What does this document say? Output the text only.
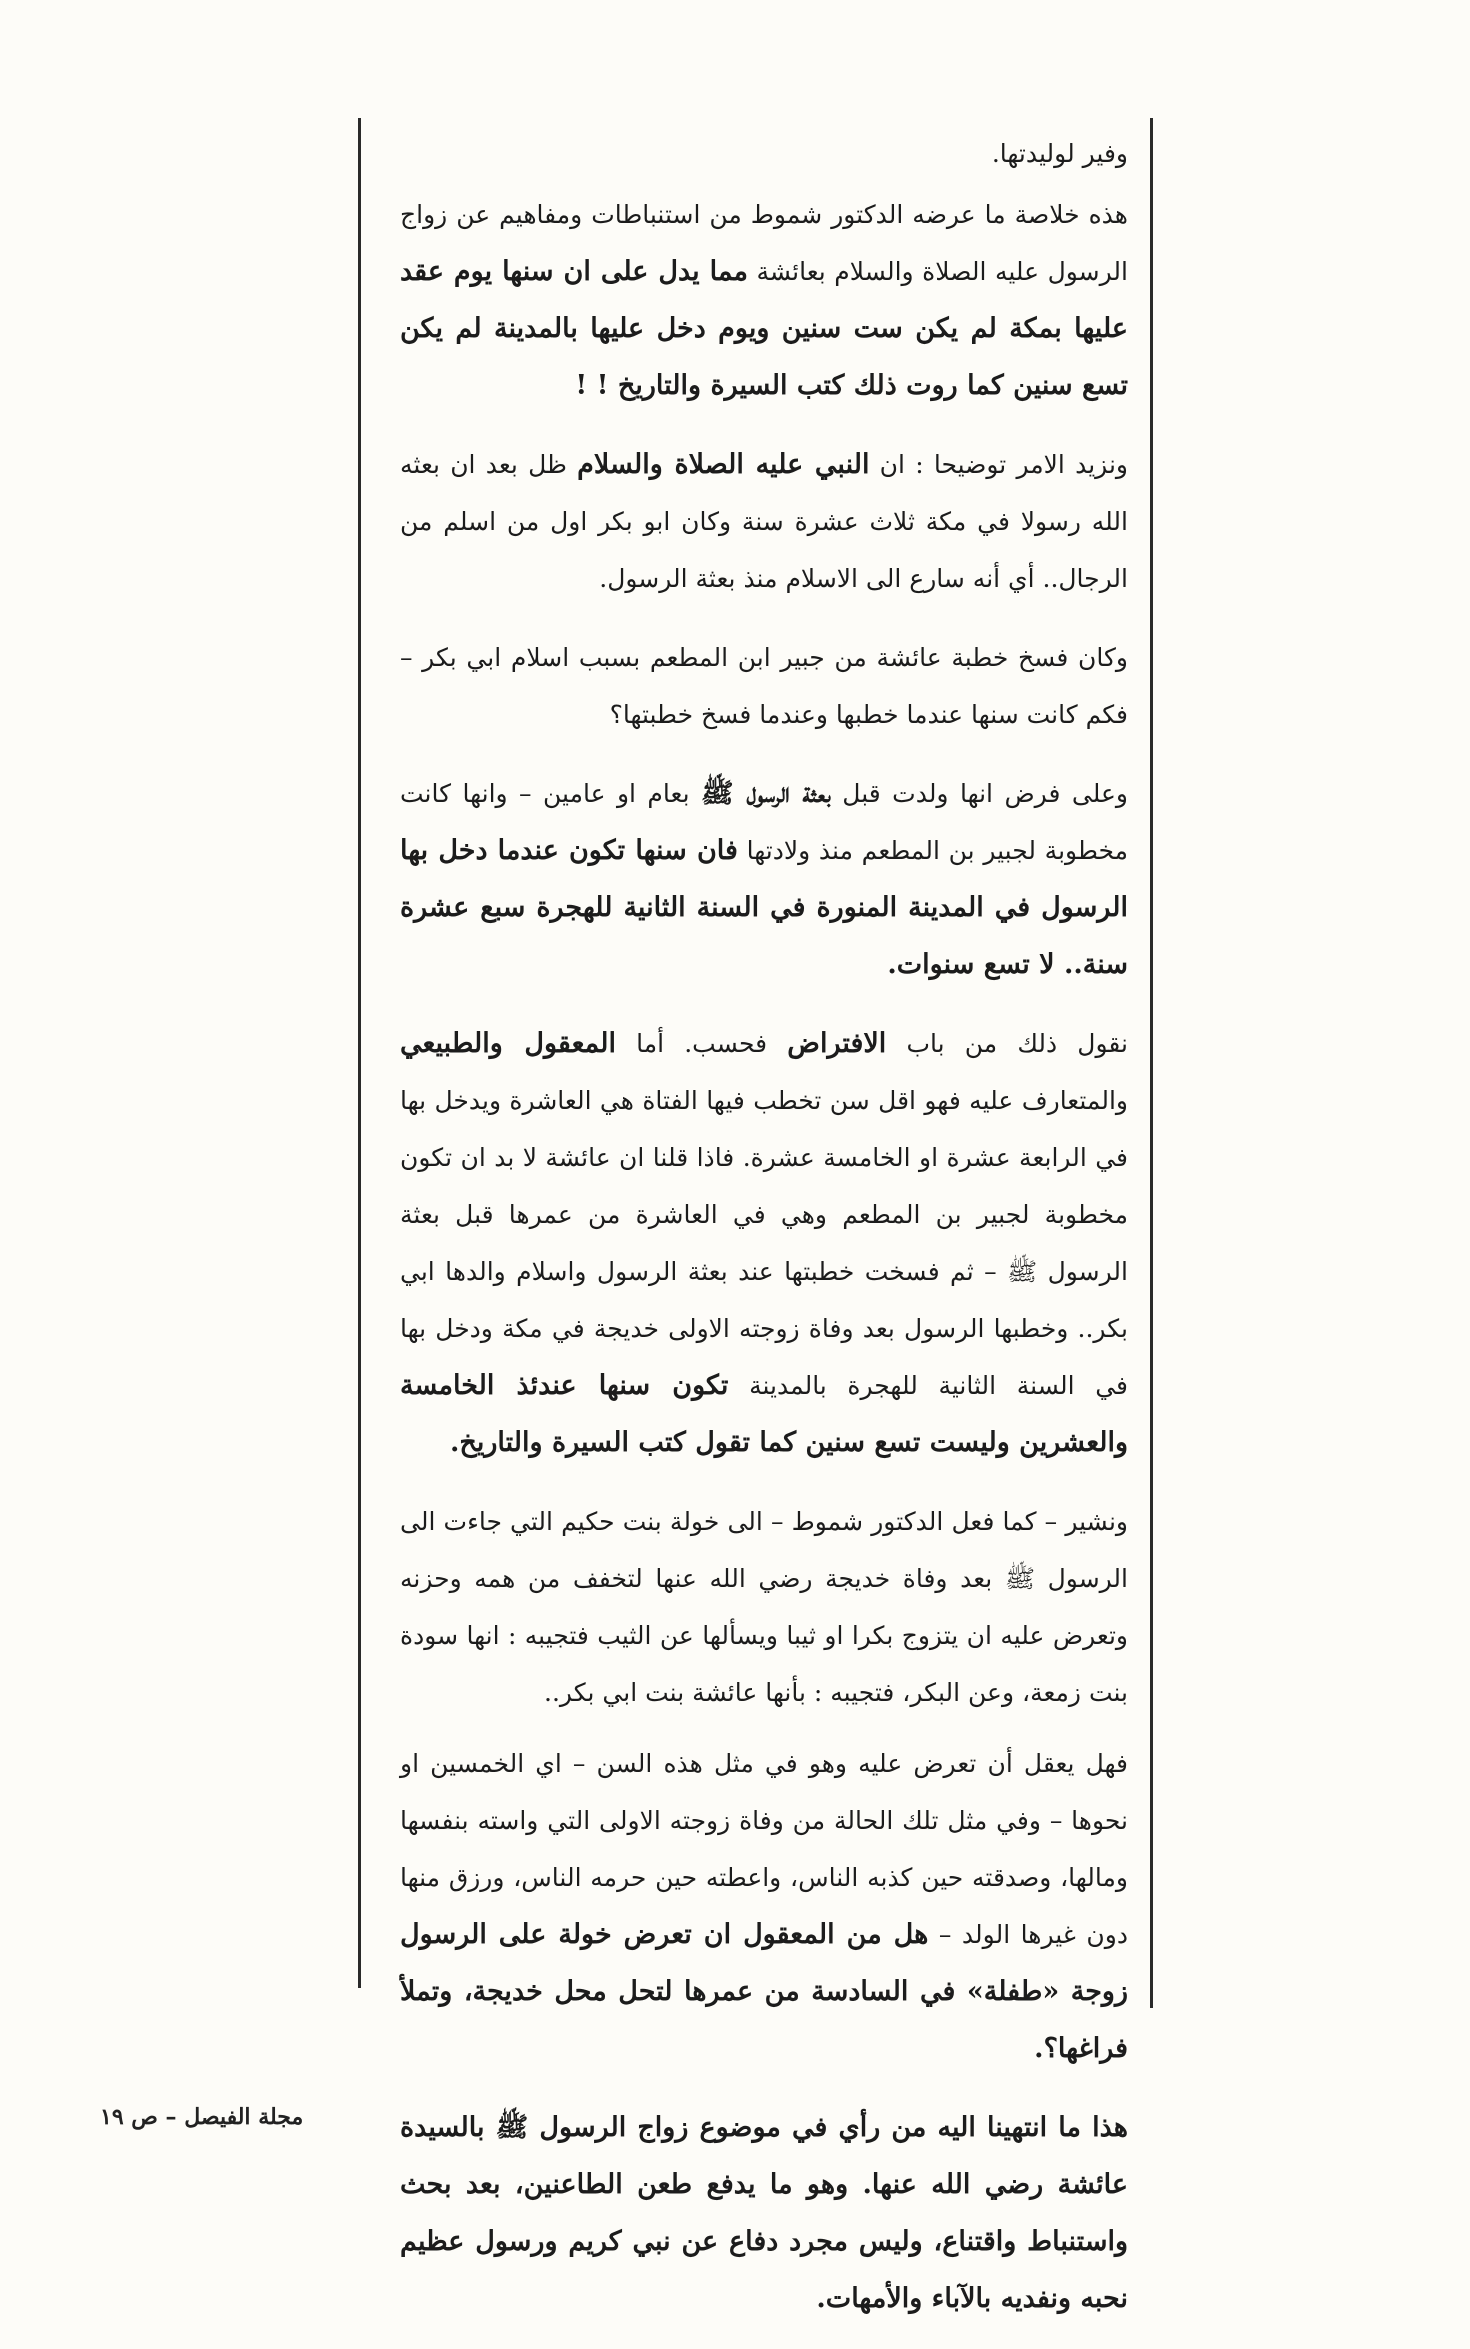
وفير لوليدتها.

هذه خلاصة ما عرضه الدكتور شموط من استنباطات ومفاهيم عن زواج الرسول عليه الصلاة والسلام بعائشة مما يدل على ان سنها يوم عقد عليها بمكة لم يكن ست سنين ويوم دخل عليها بالمدينة لم يكن تسع سنين كما روت ذلك كتب السيرة والتاريخ ! !

ونزيد الامر توضيحا : ان النبي عليه الصلاة والسلام ظل بعد ان بعثه الله رسولا في مكة ثلاث عشرة سنة وكان ابو بكر اول من اسلم من الرجال.. أي أنه سارع الى الاسلام منذ بعثة الرسول.

وكان فسخ خطبة عائشة من جبير ابن المطعم بسبب اسلام ابي بكر – فكم كانت سنها عندما خطبها وعندما فسخ خطبتها؟

وعلى فرض انها ولدت قبل بعثة الرسول ﷺ بعام او عامين – وانها كانت مخطوبة لجبير بن المطعم منذ ولادتها فان سنها تكون عندما دخل بها الرسول في المدينة المنورة في السنة الثانية للهجرة سبع عشرة سنة.. لا تسع سنوات.

نقول ذلك من باب الافتراض فحسب. أما المعقول والطبيعي والمتعارف عليه فهو اقل سن تخطب فيها الفتاة هي العاشرة ويدخل بها في الرابعة عشرة او الخامسة عشرة. فاذا قلنا ان عائشة لا بد ان تكون مخطوبة لجبير بن المطعم وهي في العاشرة من عمرها قبل بعثة الرسول ﷺ – ثم فسخت خطبتها عند بعثة الرسول واسلام والدها ابي بكر.. وخطبها الرسول بعد وفاة زوجته الاولى خديجة في مكة ودخل بها في السنة الثانية للهجرة بالمدينة تكون سنها عندئذ الخامسة والعشرين وليست تسع سنين كما تقول كتب السيرة والتاريخ.

ونشير – كما فعل الدكتور شموط – الى خولة بنت حكيم التي جاءت الى الرسول ﷺ بعد وفاة خديجة رضي الله عنها لتخفف من همه وحزنه وتعرض عليه ان يتزوج بكرا او ثيبا ويسألها عن الثيب فتجيبه : انها سودة بنت زمعة، وعن البكر، فتجيبه : بأنها عائشة بنت ابي بكر..

فهل يعقل أن تعرض عليه وهو في مثل هذه السن – اي الخمسين او نحوها – وفي مثل تلك الحالة من وفاة زوجته الاولى التي واسته بنفسها ومالها، وصدقته حين كذبه الناس، واعطته حين حرمه الناس، ورزق منها دون غيرها الولد – هل من المعقول ان تعرض خولة على الرسول زوجة «طفلة» في السادسة من عمرها لتحل محل خديجة، وتملأ فراغها؟.

هذا ما انتهينا اليه من رأي في موضوع زواج الرسول ﷺ بالسيدة عائشة رضي الله عنها. وهو ما يدفع طعن الطاعنين، بعد بحث واستنباط واقتناع، وليس مجرد دفاع عن نبي كريم ورسول عظيم نحبه ونفديه بالآباء والأمهات.

مجلة الفيصل – ص ١٩
